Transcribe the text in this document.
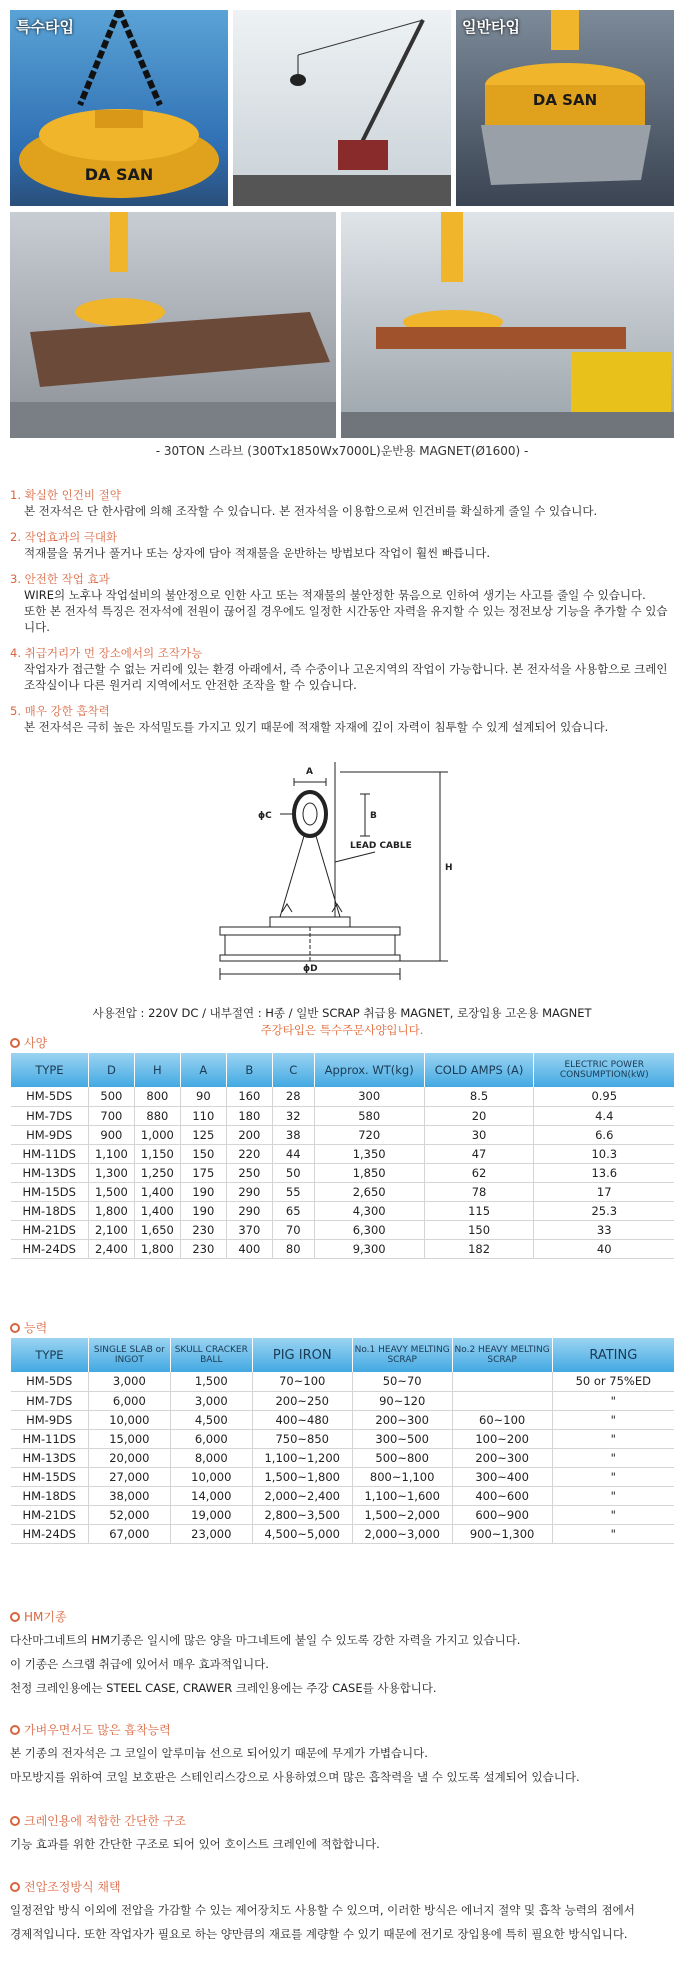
DA SAN
특수타입
DA SAN
일반타입
- 30TON 스라브 (300Tx1850Wx7000L)운반용 MAGNET(Ø1600) -
1. 확실한 인건비 절약
본 전자석은 단 한사람에 의해 조작할 수 있습니다. 본 전자석을 이용함으로써 인건비를 확실하게 줄일 수 있습니다.
2. 작업효과의 극대화
적재물을 묶거나 풀거나 또는 상자에 담아 적재물을 운반하는 방법보다 작업이 훨씬 빠릅니다.
3. 안전한 작업 효과
WIRE의 노후나 작업설비의 불안정으로 인한 사고 또는 적재물의 불안정한 묶음으로 인하여 생기는 사고를 줄일 수 있습니다.
또한 본 전자석 특징은 전자석에 전원이 끊어질 경우에도 일정한 시간동안 자력을 유지할 수 있는 정전보상 기능을 추가할 수 있습니다.
4. 취급거리가 먼 장소에서의 조작가능
작업자가 접근할 수 없는 거리에 있는 환경 아래에서, 즉 수중이나 고온지역의 작업이 가능합니다. 본 전자석을 사용함으로 크레인
조작실이나 다른 원거리 지역에서도 안전한 조작을 할 수 있습니다.
5. 매우 강한 흡착력
본 전자석은 극히 높은 자석밀도를 가지고 있기 때문에 적재할 자재에 깊이 자력이 침투할 수 있게 설계되어 있습니다.
A
B
ϕC
H
ϕD
LEAD CABLE
사용전압 : 220V DC / 내부절연 : H종 / 일반 SCRAP 취급용 MAGNET, 로장입용 고온용 MAGNET
주강타입은 특수주문사양입니다.
사양
TYPE	D	H	A	B	C	Approx. WT(kg)	COLD AMPS (A)	ELECTRIC POWER CONSUMPTION(kW)
HM-5DS	500	800	90	160	28	300	8.5	0.95
HM-7DS	700	880	110	180	32	580	20	4.4
HM-9DS	900	1,000	125	200	38	720	30	6.6
HM-11DS	1,100	1,150	150	220	44	1,350	47	10.3
HM-13DS	1,300	1,250	175	250	50	1,850	62	13.6
HM-15DS	1,500	1,400	190	290	55	2,650	78	17
HM-18DS	1,800	1,400	190	290	65	4,300	115	25.3
HM-21DS	2,100	1,650	230	370	70	6,300	150	33
HM-24DS	2,400	1,800	230	400	80	9,300	182	40
능력
TYPE	SINGLE SLAB or INGOT	SKULL CRACKER BALL	PIG IRON	No.1 HEAVY MELTING SCRAP	No.2 HEAVY MELTING SCRAP	RATING
HM-5DS	3,000	1,500	70~100	50~70		50 or 75%ED
HM-7DS	6,000	3,000	200~250	90~120		"
HM-9DS	10,000	4,500	400~480	200~300	60~100	"
HM-11DS	15,000	6,000	750~850	300~500	100~200	"
HM-13DS	20,000	8,000	1,100~1,200	500~800	200~300	"
HM-15DS	27,000	10,000	1,500~1,800	800~1,100	300~400	"
HM-18DS	38,000	14,000	2,000~2,400	1,100~1,600	400~600	"
HM-21DS	52,000	19,000	2,800~3,500	1,500~2,000	600~900	"
HM-24DS	67,000	23,000	4,500~5,000	2,000~3,000	900~1,300	"
HM기종
다산마그네트의 HM기종은 일시에 많은 양을 마그네트에 붙일 수 있도록 강한 자력을 가지고 있습니다.
이 기종은 스크랩 취급에 있어서 매우 효과적입니다.
천정 크레인용에는 STEEL CASE, CRAWER 크레인용에는 주강 CASE를 사용합니다.
가벼우면서도 많은 흡착능력
본 기종의 전자석은 그 코일이 알루미늄 선으로 되어있기 때문에 무게가 가볍습니다.
마모방지를 위하여 코일 보호판은 스테인리스강으로 사용하였으며 많은 흡착력을 낼 수 있도록 설계되어 있습니다.
크레인용에 적합한 간단한 구조
기능 효과를 위한 간단한 구조로 되어 있어 호이스트 크레인에 적합합니다.
전압조정방식 채택
일정전압 방식 이외에 전압을 가감할 수 있는 제어장치도 사용할 수 있으며, 이러한 방식은 에너지 절약 및 흡착 능력의 점에서
경제적입니다. 또한 작업자가 필요로 하는 양만큼의 재료를 계량할 수 있기 때문에 전기로 장입용에 특히 필요한 방식입니다.
